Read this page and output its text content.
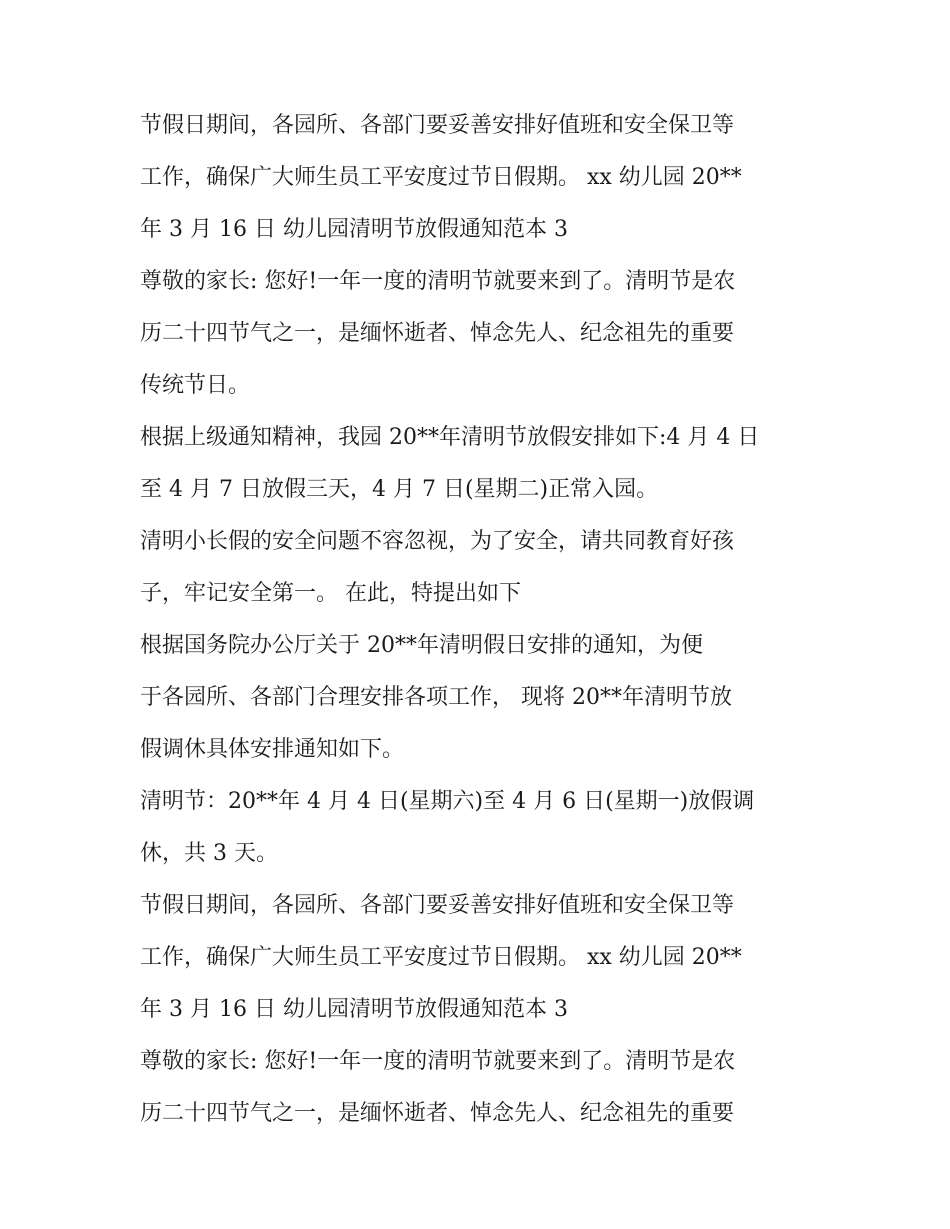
节假日期间，各园所、各部门要妥善安排好值班和安全保卫等
工作，确保广大师生员工平安度过节日假期。 xx 幼儿园 20**
年 3 月 16 日 幼儿园清明节放假通知范本 3
尊敬的家长: 您好!一年一度的清明节就要来到了。清明节是农
历二十四节气之一，是缅怀逝者、悼念先人、纪念祖先的重要
传统节日。
根据上级通知精神，我园 20**年清明节放假安排如下:4 月 4 日
至 4 月 7 日放假三天，4 月 7 日(星期二)正常入园。
清明小长假的安全问题不容忽视，为了安全，请共同教育好孩
子，牢记安全第一。 在此，特提出如下
根据国务院办公厅关于 20**年清明假日安排的通知，为便
于各园所、各部门合理安排各项工作， 现将 20**年清明节放
假调休具体安排通知如下。
清明节：20**年 4 月 4 日(星期六)至 4 月 6 日(星期一)放假调
休，共 3 天。
节假日期间，各园所、各部门要妥善安排好值班和安全保卫等
工作，确保广大师生员工平安度过节日假期。 xx 幼儿园 20**
年 3 月 16 日 幼儿园清明节放假通知范本 3
尊敬的家长: 您好!一年一度的清明节就要来到了。清明节是农
历二十四节气之一，是缅怀逝者、悼念先人、纪念祖先的重要
